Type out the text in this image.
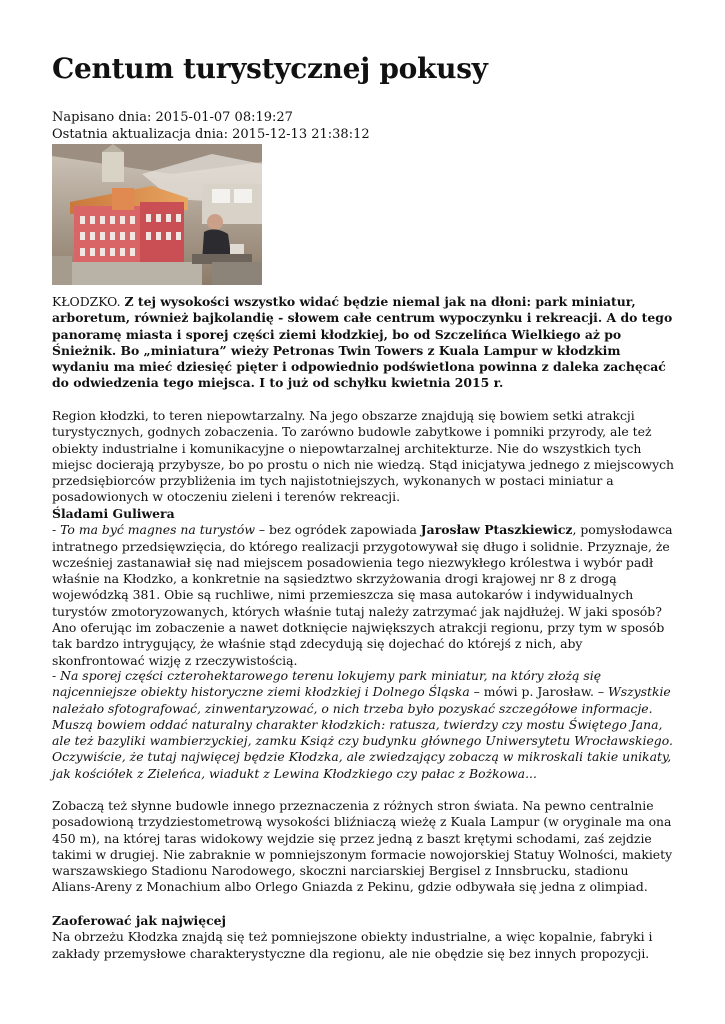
Centum turystycznej pokusy
Napisano dnia: 2015-01-07 08:19:27
Ostatnia aktualizacja dnia: 2015-12-13 21:38:12
KŁODZKO. Z tej wysokości wszystko widać będzie niemal jak na dłoni: park miniatur, arboretum, również bajkolandię - słowem całe centrum wypoczynku i rekreacji. A do tego panoramę miasta i sporej części ziemi kłodzkiej, bo od Szczelińca Wielkiego aż po Śnieżnik. Bo „miniatura” wieży Petronas Twin Towers z Kuala Lampur w kłodzkim wydaniu ma mieć dziesięć pięter i odpowiednio podświetlona powinna z daleka zachęcać do odwiedzenia tego miejsca. I to już od schyłku kwietnia 2015 r.
Region kłodzki, to teren niepowtarzalny. Na jego obszarze znajdują się bowiem setki atrakcji turystycznych, godnych zobaczenia. To zarówno budowle zabytkowe i pomniki przyrody, ale też obiekty industrialne i komunikacyjne o niepowtarzalnej architekturze. Nie do wszystkich tych miejsc docierają przybysze, bo po prostu o nich nie wiedzą. Stąd inicjatywa jednego z miejscowych przedsiębiorców przybliżenia im tych najistotniejszych, wykonanych w postaci miniatur a posadowionych w otoczeniu zieleni i terenów rekreacji.
Śladami Guliwera
- To ma być magnes na turystów – bez ogródek zapowiada Jarosław Ptaszkiewicz, pomysłodawca intratnego przedsięwzięcia, do którego realizacji przygotowywał się długo i solidnie. Przyznaje, że wcześniej zastanawiał się nad miejscem posadowienia tego niezwykłego królestwa i wybór padł właśnie na Kłodzko, a konkretnie na sąsiedztwo skrzyżowania drogi krajowej nr 8 z drogą wojewódzką 381. Obie są ruchliwe, nimi przemieszcza się masa autokarów i indywidualnych turystów zmotoryzowanych, których właśnie tutaj należy zatrzymać jak najdłużej. W jaki sposób? Ano oferując im zobaczenie a nawet dotknięcie największych atrakcji regionu, przy tym w sposób tak bardzo intrygujący, że właśnie stąd zdecydują się dojechać do którejś z nich, aby skonfrontować wizję z rzeczywistością.
- Na sporej części czterohektarowego terenu lokujemy park miniatur, na który złożą się najcenniejsze obiekty historyczne ziemi kłodzkiej i Dolnego Śląska – mówi p. Jarosław. – Wszystkie należało sfotografować, zinwentaryzować, o nich trzeba było pozyskać szczegółowe informacje. Muszą bowiem oddać naturalny charakter kłodzkich: ratusza, twierdzy czy mostu Świętego Jana, ale też bazyliki wambierzyckiej, zamku Książ czy budynku głównego Uniwersytetu Wrocławskiego. Oczywiście, że tutaj najwięcej będzie Kłodzka, ale zwiedzający zobaczą w mikroskali takie unikaty, jak kościółek z Zieleńca, wiadukt z Lewina Kłodzkiego czy pałac z Bożkowa...
Zobaczą też słynne budowle innego przeznaczenia z różnych stron świata. Na pewno centralnie posadowioną trzydziestometrową wysokości bliźniaczą wieżę z Kuala Lampur (w oryginale ma ona 450 m), na której taras widokowy wejdzie się przez jedną z baszt krętymi schodami, zaś zejdzie takimi w drugiej. Nie zabraknie w pomniejszonym formacie nowojorskiej Statuy Wolności, makiety warszawskiego Stadionu Narodowego, skoczni narciarskiej Bergisel z Innsbrucku, stadionu Alians-Areny z Monachium albo Orlego Gniazda z Pekinu, gdzie odbywała się jedna z olimpiad.
Zaoferować jak najwięcej
Na obrzeżu Kłodzka znajdą się też pomniejszone obiekty industrialne, a więc kopalnie, fabryki i zakłady przemysłowe charakterystyczne dla regionu, ale nie obędzie się bez innych propozycji.
